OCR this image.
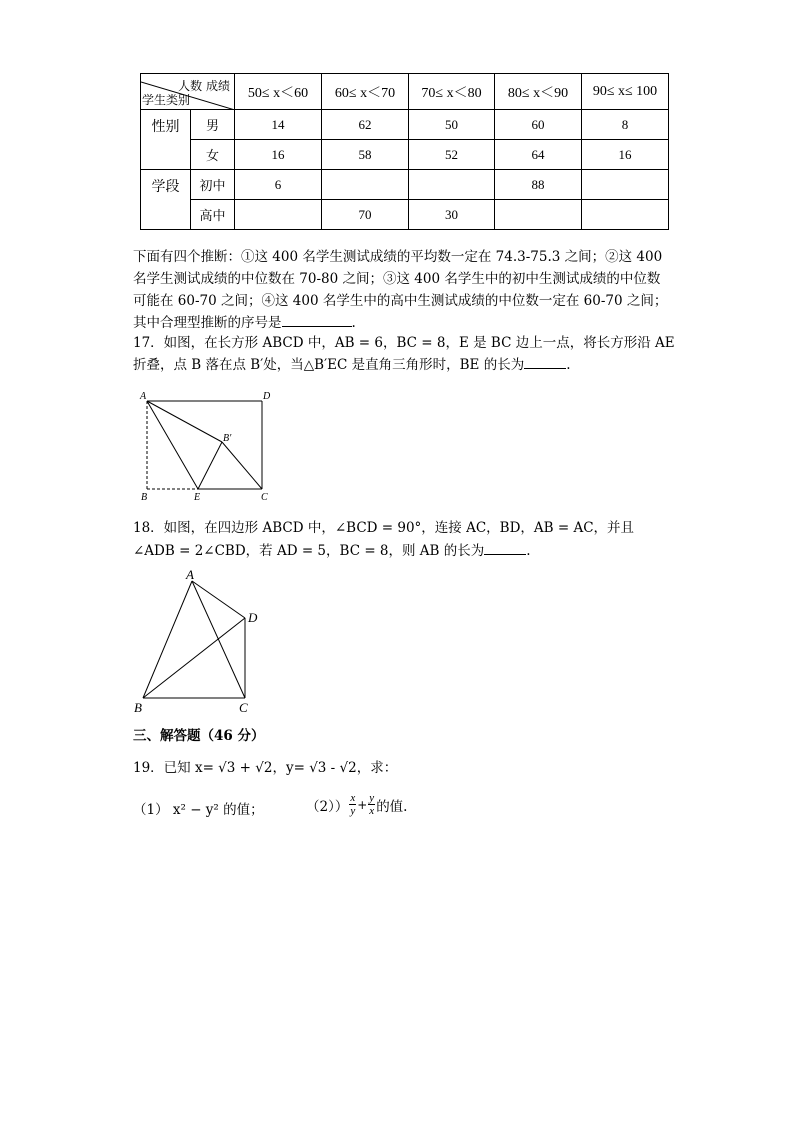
人数 成绩
学生类别		50≤ x＜60	60≤ x＜70	70≤ x＜80	80≤ x＜90	90≤ x≤ 100
性别	男	14	62	50	60	8
	女	16	58	52	64	16
学段	初中	6			88	
	高中		70	30		
下面有四个推断：①这 400 名学生测试成绩的平均数一定在 74.3-75.3 之间；②这 400
名学生测试成绩的中位数在 70-80 之间；③这 400 名学生中的初中生测试成绩的中位数
可能在 60-70 之间；④这 400 名学生中的高中生测试成绩的中位数一定在 60-70 之间；
其中合理型推断的序号是	.
17．如图，在长方形 ABCD 中，AB = 6，BC = 8，E 是 BC 边上一点，将长方形沿 AE
折叠，点 B 落在点 B′处，当△B′EC 是直角三角形时，BE 的长为	.
A	D
B	E	C
B′
18．如图，在四边形 ABCD 中，∠BCD = 90°，连接 AC，BD，AB = AC，并且
∠ADB = 2∠CBD，若 AD = 5，BC = 8，则 AB 的长为	.
A
D
B	C
三、解答题（46 分）
19．已知 x= √3 + √2，y= √3 - √2，求：
（1） x² − y² 的值；	$(2)) \frac{x}{y} + \frac{y}{x}$ 的值.
